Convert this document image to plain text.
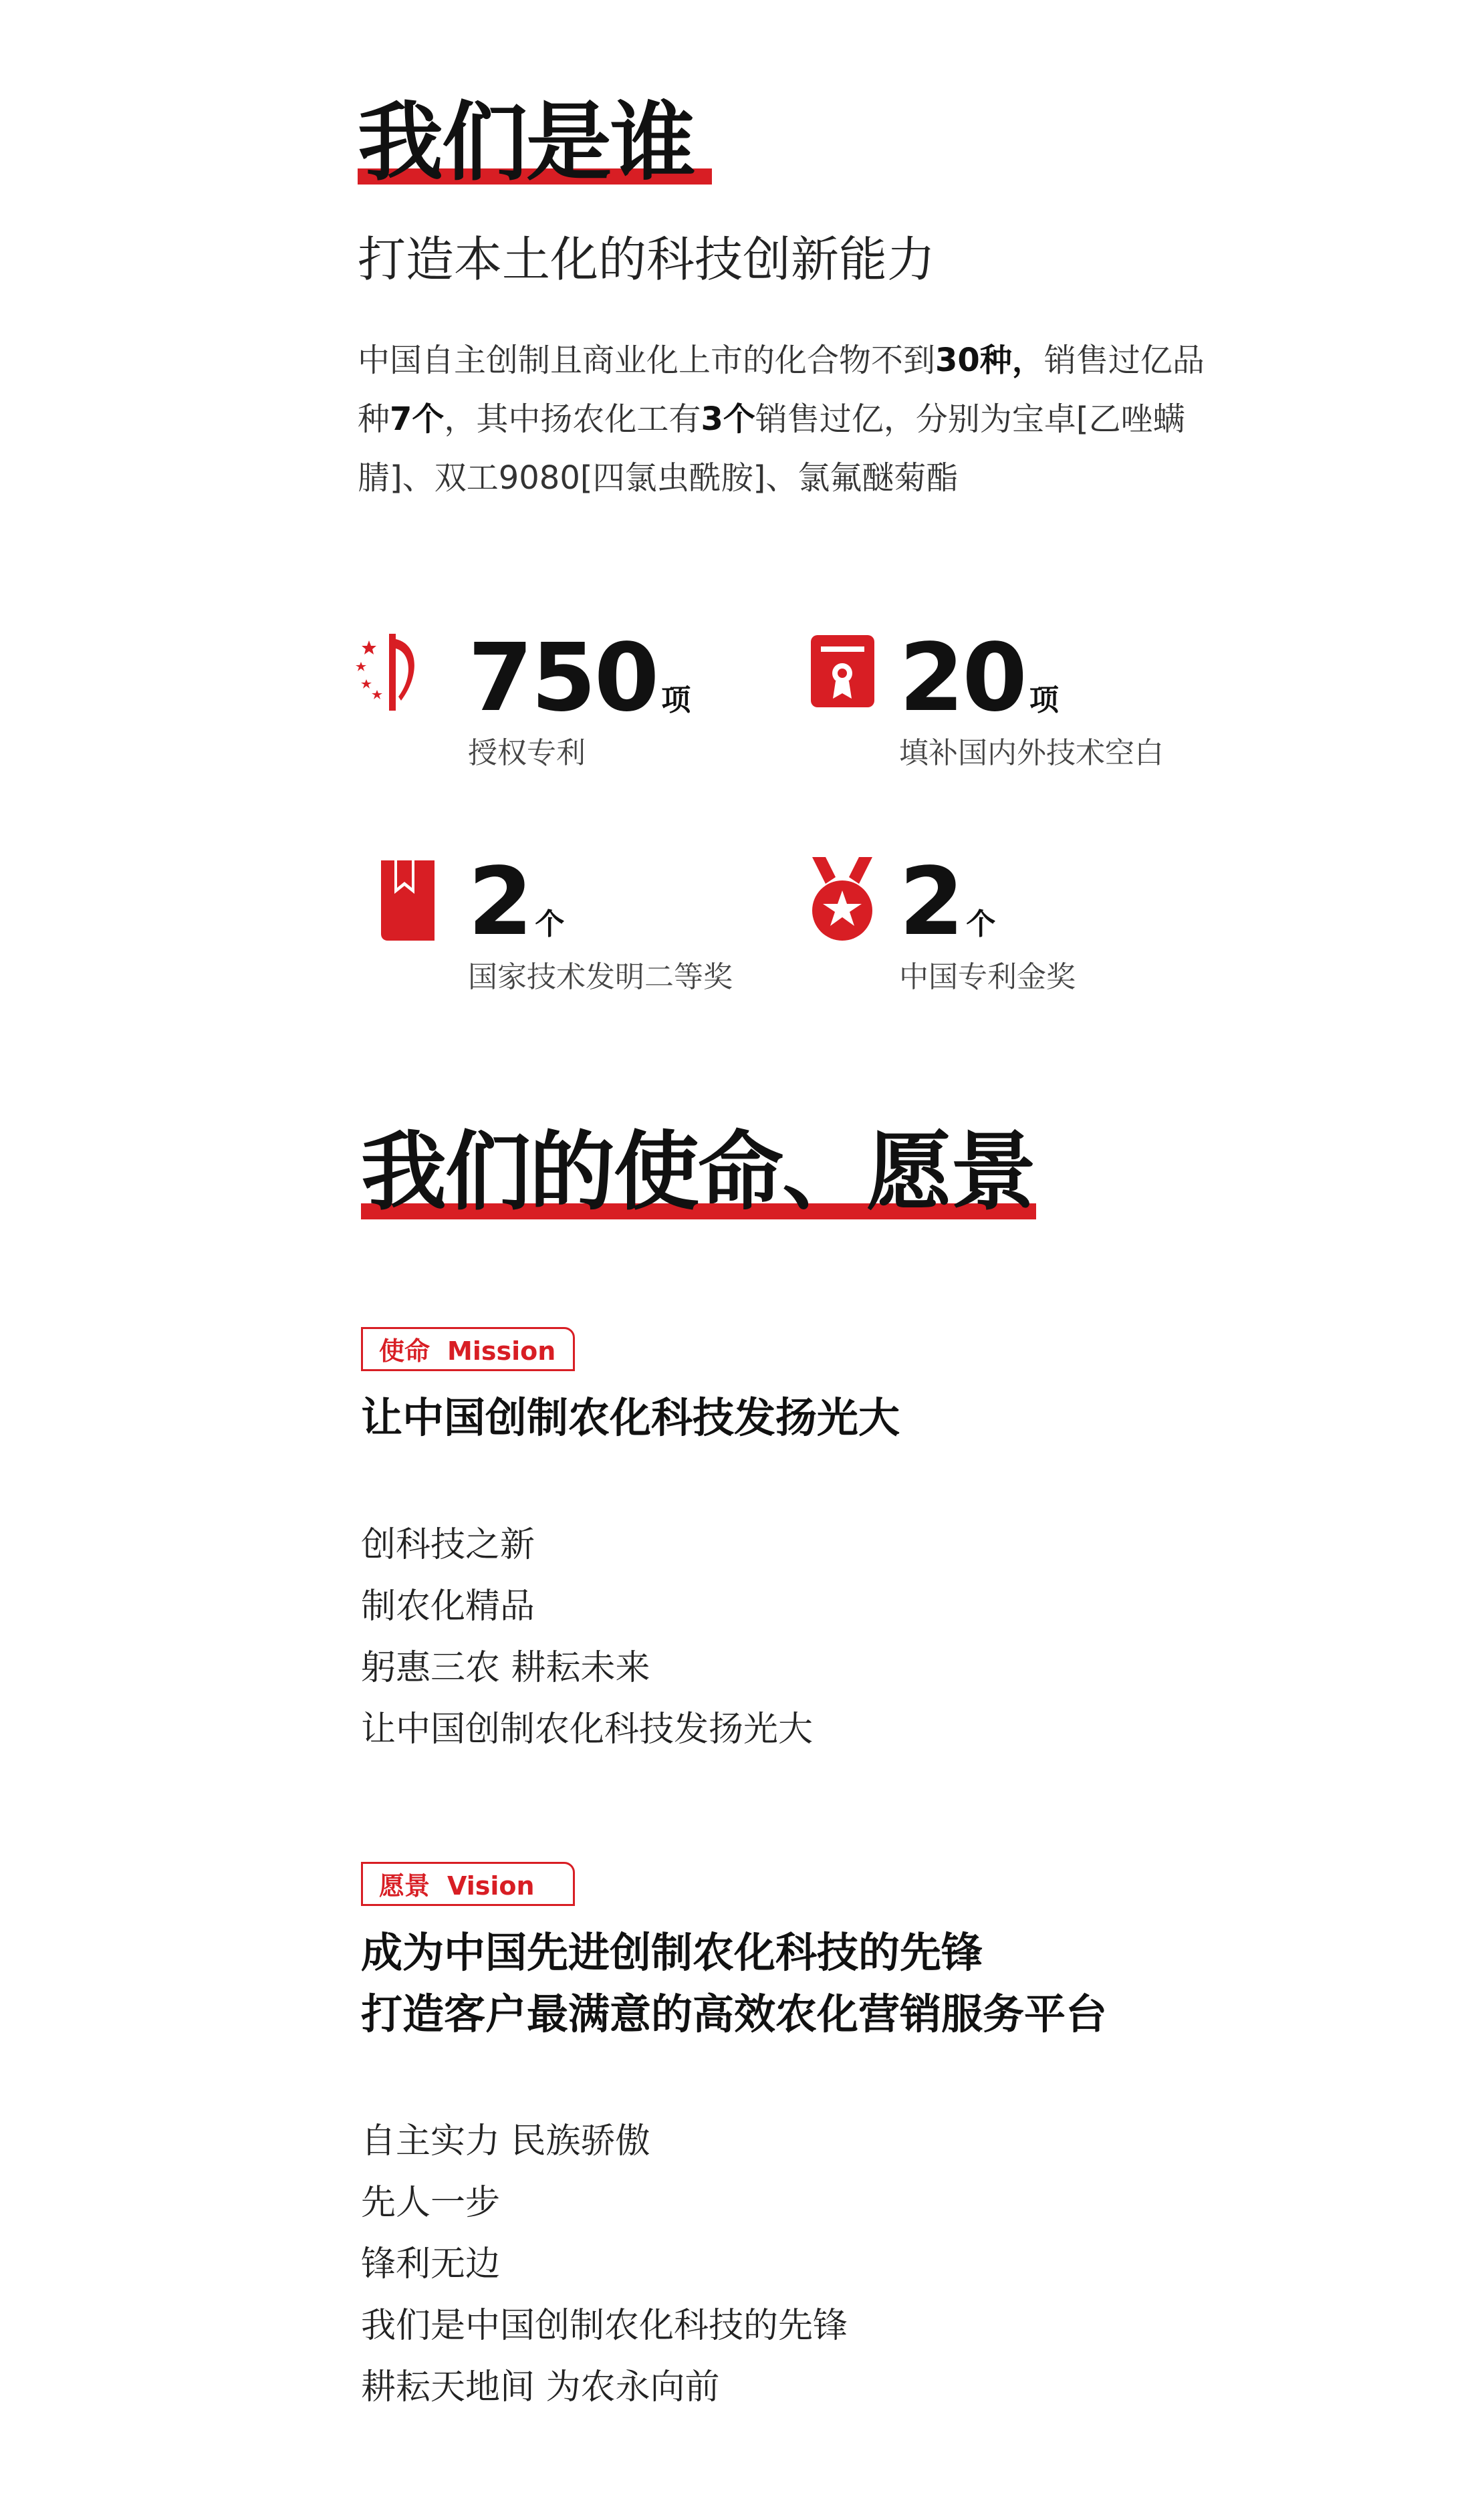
我们是谁
打造本土化的科技创新能力
中国自主创制且商业化上市的化合物不到30种，销售过亿品种7个，其中扬农化工有3个销售过亿，分别为宝卓[乙唑螨腈]、双工9080[四氯虫酰胺]、氯氟醚菊酯
750 项
授权专利
20 项
填补国内外技术空白
2 个
国家技术发明二等奖
2 个
中国专利金奖
我们的使命、愿景
使命 Mission
让中国创制农化科技发扬光大
创科技之新
制农化精品
躬惠三农 耕耘未来
让中国创制农化科技发扬光大
愿景 Vision
成为中国先进创制农化科技的先锋
打造客户最满意的高效农化营销服务平台
自主实力 民族骄傲
先人一步
锋利无边
我们是中国创制农化科技的先锋
耕耘天地间 为农永向前
